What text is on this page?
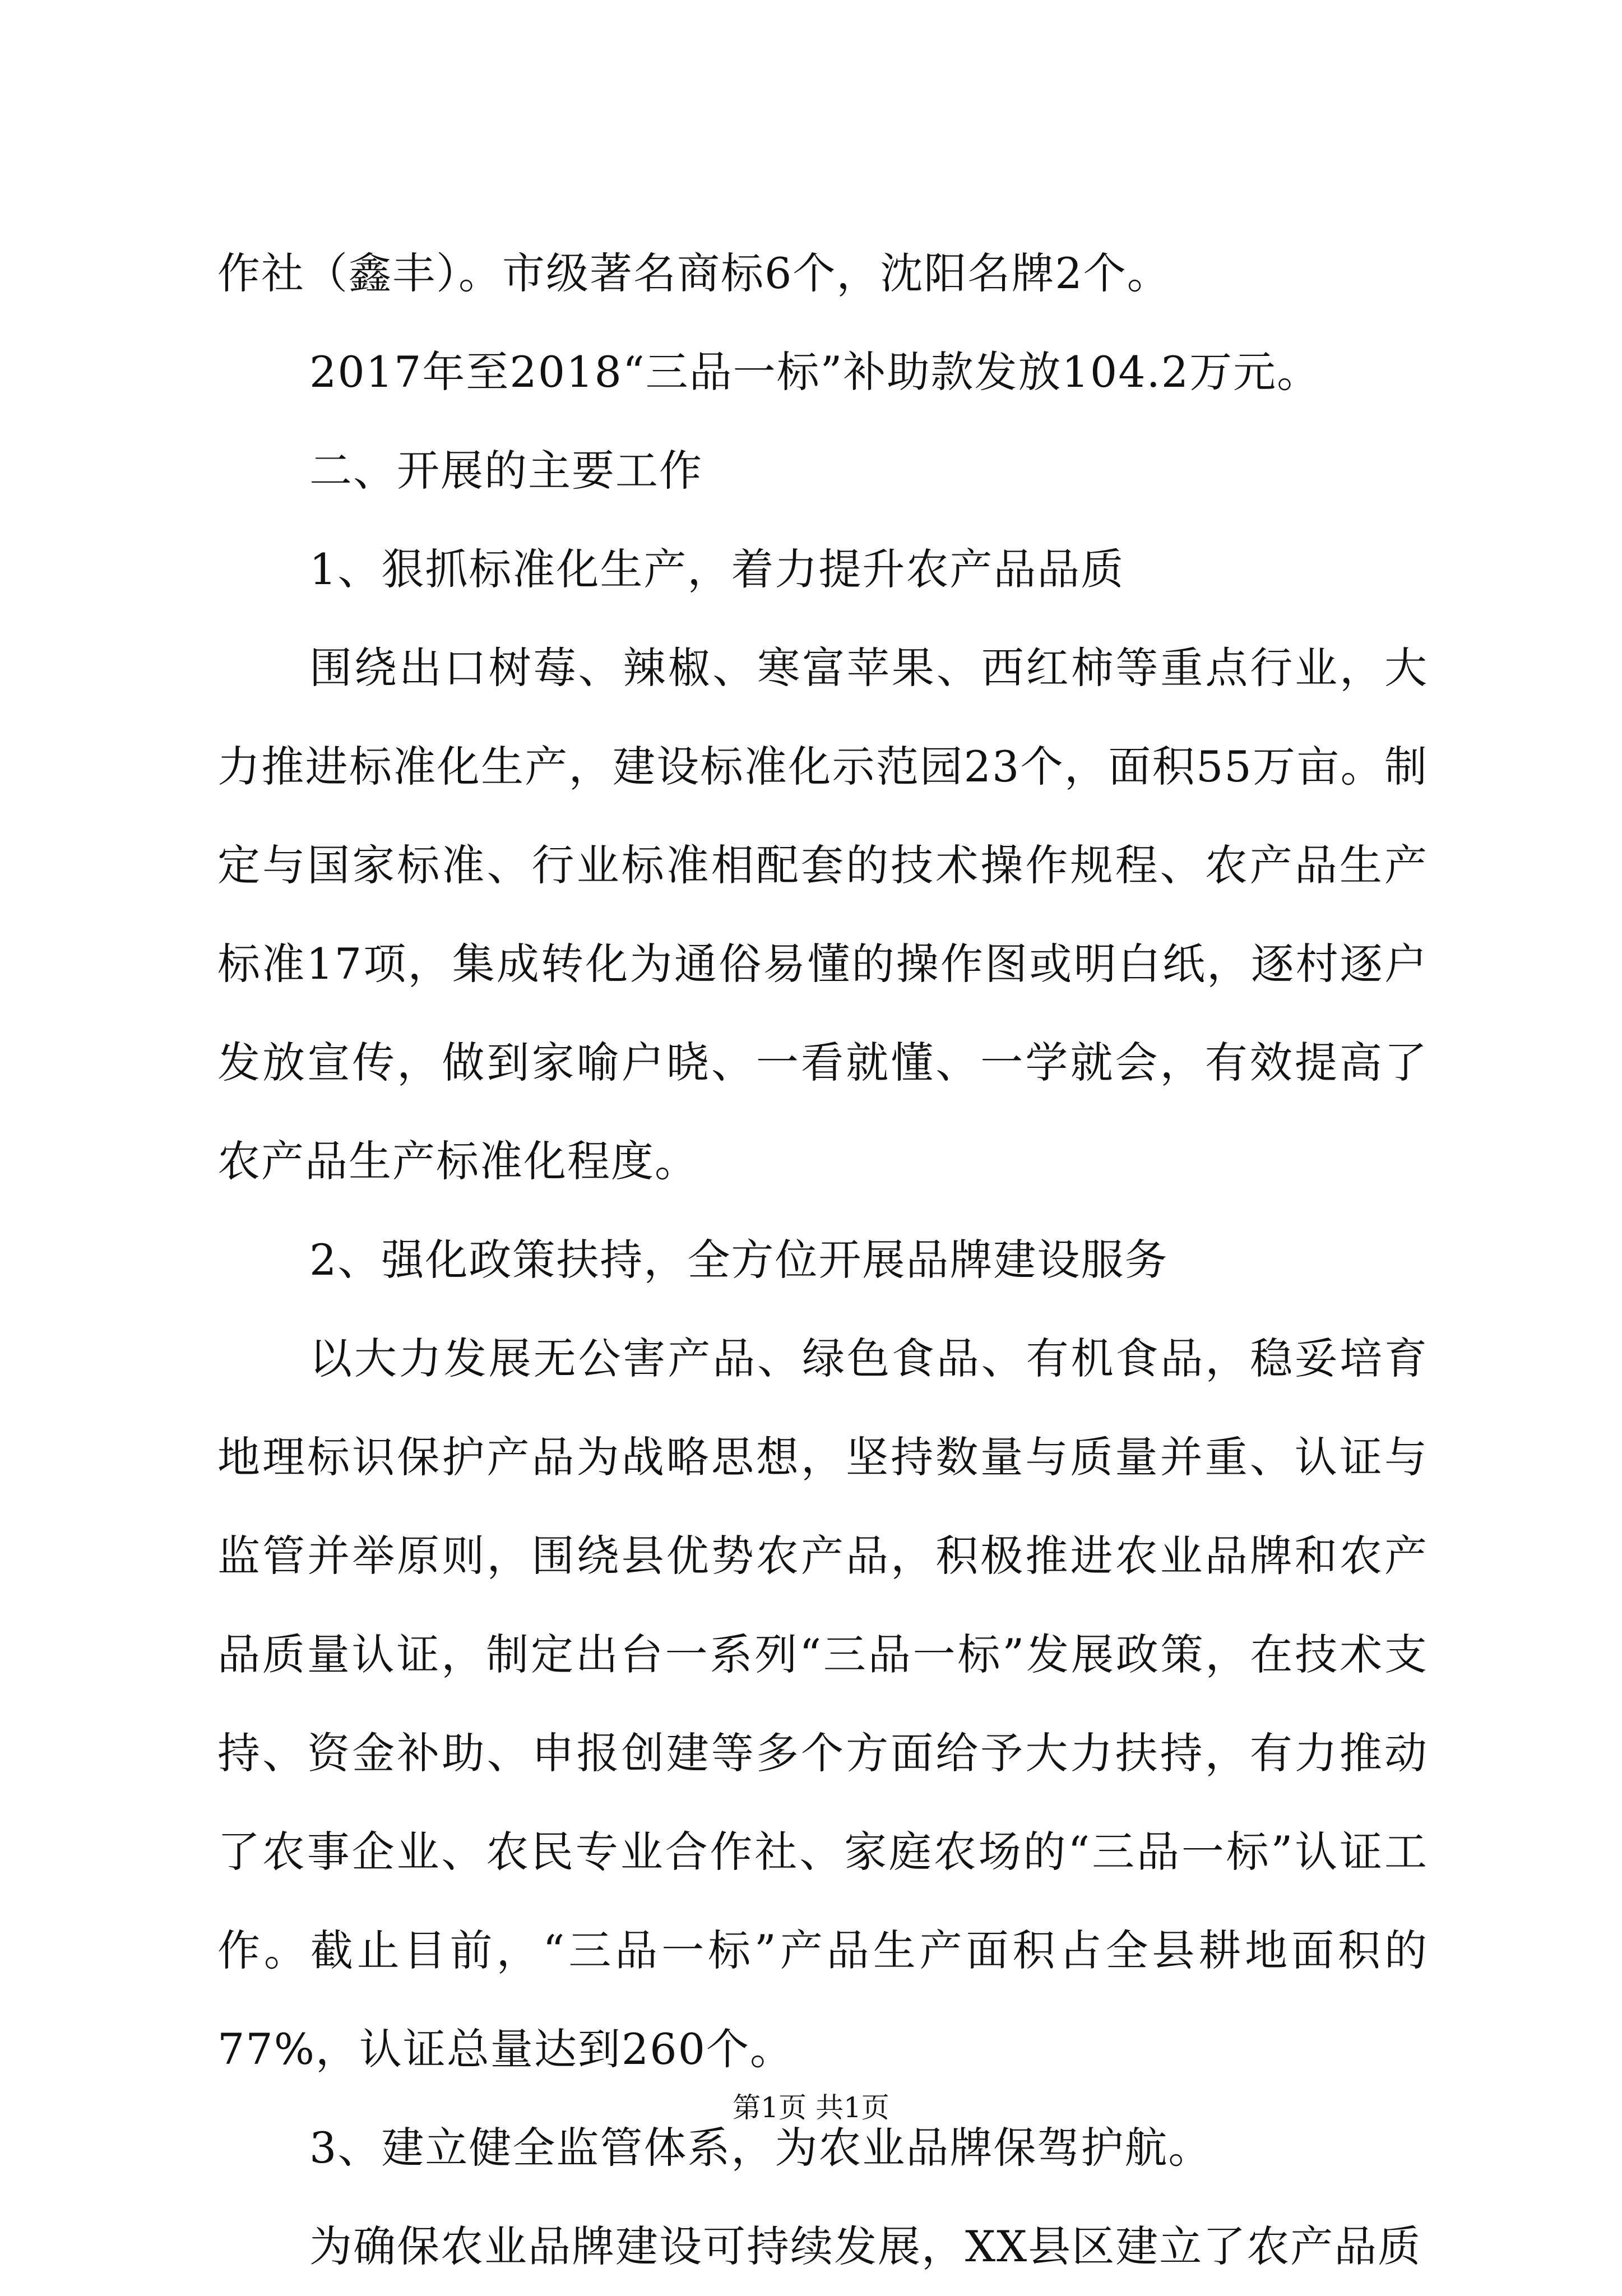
作社（鑫丰）。市级著名商标6个，沈阳名牌2个。

2017年至2018“三品一标”补助款发放104.2万元。

二、开展的主要工作

1、狠抓标准化生产，着力提升农产品品质

围绕出口树莓、辣椒、寒富苹果、西红柿等重点行业，大力推进标准化生产，建设标准化示范园23个，面积55万亩。制定与国家标准、行业标准相配套的技术操作规程、农产品生产标准17项，集成转化为通俗易懂的操作图或明白纸，逐村逐户发放宣传，做到家喻户晓、一看就懂、一学就会，有效提高了农产品生产标准化程度。

2、强化政策扶持，全方位开展品牌建设服务

以大力发展无公害产品、绿色食品、有机食品，稳妥培育地理标识保护产品为战略思想，坚持数量与质量并重、认证与监管并举原则，围绕县优势农产品，积极推进农业品牌和农产品质量认证，制定出台一系列“三品一标”发展政策，在技术支持、资金补助、申报创建等多个方面给予大力扶持，有力推动了农事企业、农民专业合作社、家庭农场的“三品一标”认证工作。截止目前，“三品一标”产品生产面积占全县耕地面积的77%，认证总量达到260个。

3、建立健全监管体系，为农业品牌保驾护航。

为确保农业品牌建设可持续发展，XX县区建立了农产品质

第1页 共1页
